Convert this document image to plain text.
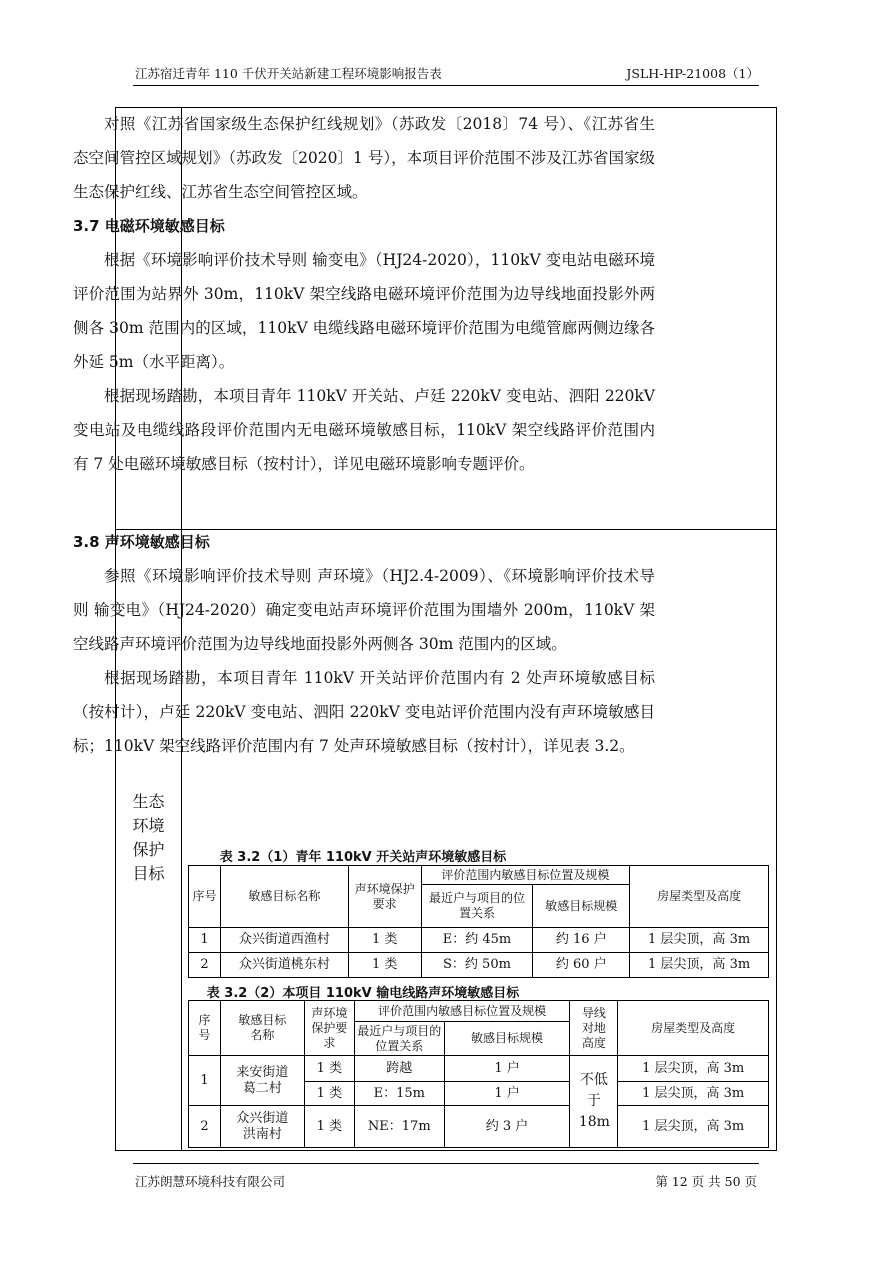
江苏宿迁青年 110 千伏开关站新建工程环境影响报告表	JSLH-HP-21008（1）
生态环境保护目标

对照《江苏省国家级生态保护红线规划》（苏政发〔2018〕74 号）、《江苏省生态空间管控区域规划》（苏政发〔2020〕1 号），本项目评价范围不涉及江苏省国家级生态保护红线、江苏省生态空间管控区域。

3.7 电磁环境敏感目标

根据《环境影响评价技术导则 输变电》（HJ24-2020），110kV 变电站电磁环境评价范围为站界外 30m，110kV 架空线路电磁环境评价范围为边导线地面投影外两侧各 30m 范围内的区域，110kV 电缆线路电磁环境评价范围为电缆管廊两侧边缘各外延 5m（水平距离）。

根据现场踏勘，本项目青年 110kV 开关站、卢廷 220kV 变电站、泗阳 220kV 变电站及电缆线路段评价范围内无电磁环境敏感目标，110kV 架空线路评价范围内有 7 处电磁环境敏感目标（按村计），详见电磁环境影响专题评价。

3.8 声环境敏感目标

参照《环境影响评价技术导则 声环境》（HJ2.4-2009）、《环境影响评价技术导则 输变电》（HJ24-2020）确定变电站声环境评价范围为围墙外 200m，110kV 架空线路声环境评价范围为边导线地面投影外两侧各 30m 范围内的区域。

根据现场踏勘，本项目青年 110kV 开关站评价范围内有 2 处声环境敏感目标（按村计），卢廷 220kV 变电站、泗阳 220kV 变电站评价范围内没有声环境敏感目标；110kV 架空线路评价范围内有 7 处声环境敏感目标（按村计），详见表 3.2。

表 3.2（1）青年 110kV 开关站声环境敏感目标
序号	敏感目标名称	声环境保护要求	评价范围内敏感目标位置及规模		房屋类型及高度
			最近户与项目的位置关系	敏感目标规模	
1	众兴街道西渔村	1 类	E：约 45m	约 16 户	1 层尖顶，高 3m
2	众兴街道桃东村	1 类	S：约 50m	约 60 户	1 层尖顶，高 3m
表 3.2（2）本项目 110kV 输电线路声环境敏感目标
序号	敏感目标名称	声环境保护要求	评价范围内敏感目标位置及规模		导线对地高度	房屋类型及高度
			最近户与项目的位置关系	敏感目标规模		
1	来安街道葛二村	1 类	跨越	1 户	不低于18m	1 层尖顶，高 3m
		1 类	E：15m	1 户		1 层尖顶，高 3m
2	众兴街道洪南村	1 类	NE：17m	约 3 户		1 层尖顶，高 3m
江苏朗慧环境科技有限公司	第 12 页 共 50 页
